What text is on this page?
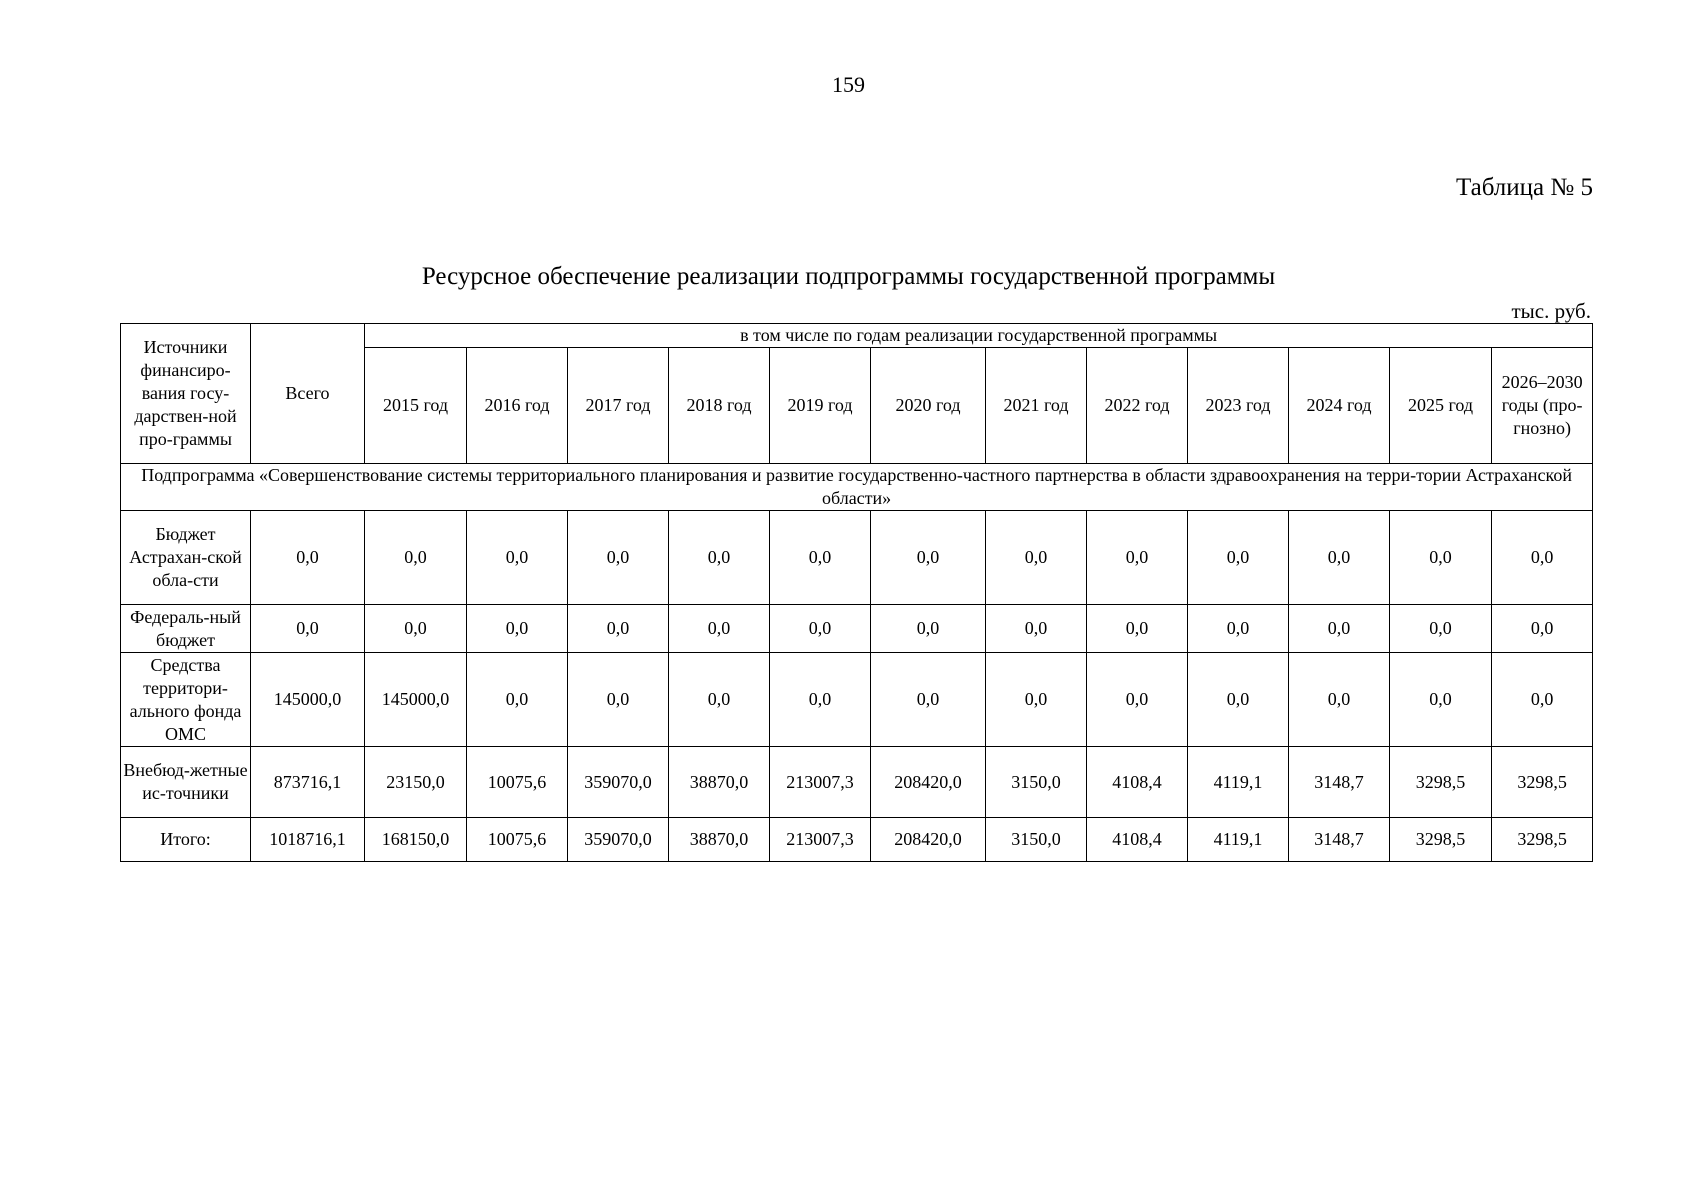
159
Таблица № 5
Ресурсное обеспечение реализации подпрограммы государственной программы
тыс. руб.
Источники финансиро-вания госу-дарствен-ной про-граммы	Всего	в том числе по годам реализации государственной программы											
		2015 год	2016 год	2017 год	2018 год	2019 год	2020 год	2021 год	2022 год	2023 год	2024 год	2025 год	2026–2030 годы (про-гнозно)
Подпрограмма «Совершенствование системы территориального планирования и развитие государственно-частного партнерства в области здравоохранения на терри-тории Астраханской области»													
Бюджет Астрахан-ской обла-сти	0,0	0,0	0,0	0,0	0,0	0,0	0,0	0,0	0,0	0,0	0,0	0,0	0,0
Федераль-ный бюджет	0,0	0,0	0,0	0,0	0,0	0,0	0,0	0,0	0,0	0,0	0,0	0,0	0,0
Средства территори-ального фонда ОМС	145000,0	145000,0	0,0	0,0	0,0	0,0	0,0	0,0	0,0	0,0	0,0	0,0	0,0
Внебюд-жетные ис-точники	873716,1	23150,0	10075,6	359070,0	38870,0	213007,3	208420,0	3150,0	4108,4	4119,1	3148,7	3298,5	3298,5
Итого:	1018716,1	168150,0	10075,6	359070,0	38870,0	213007,3	208420,0	3150,0	4108,4	4119,1	3148,7	3298,5	3298,5
